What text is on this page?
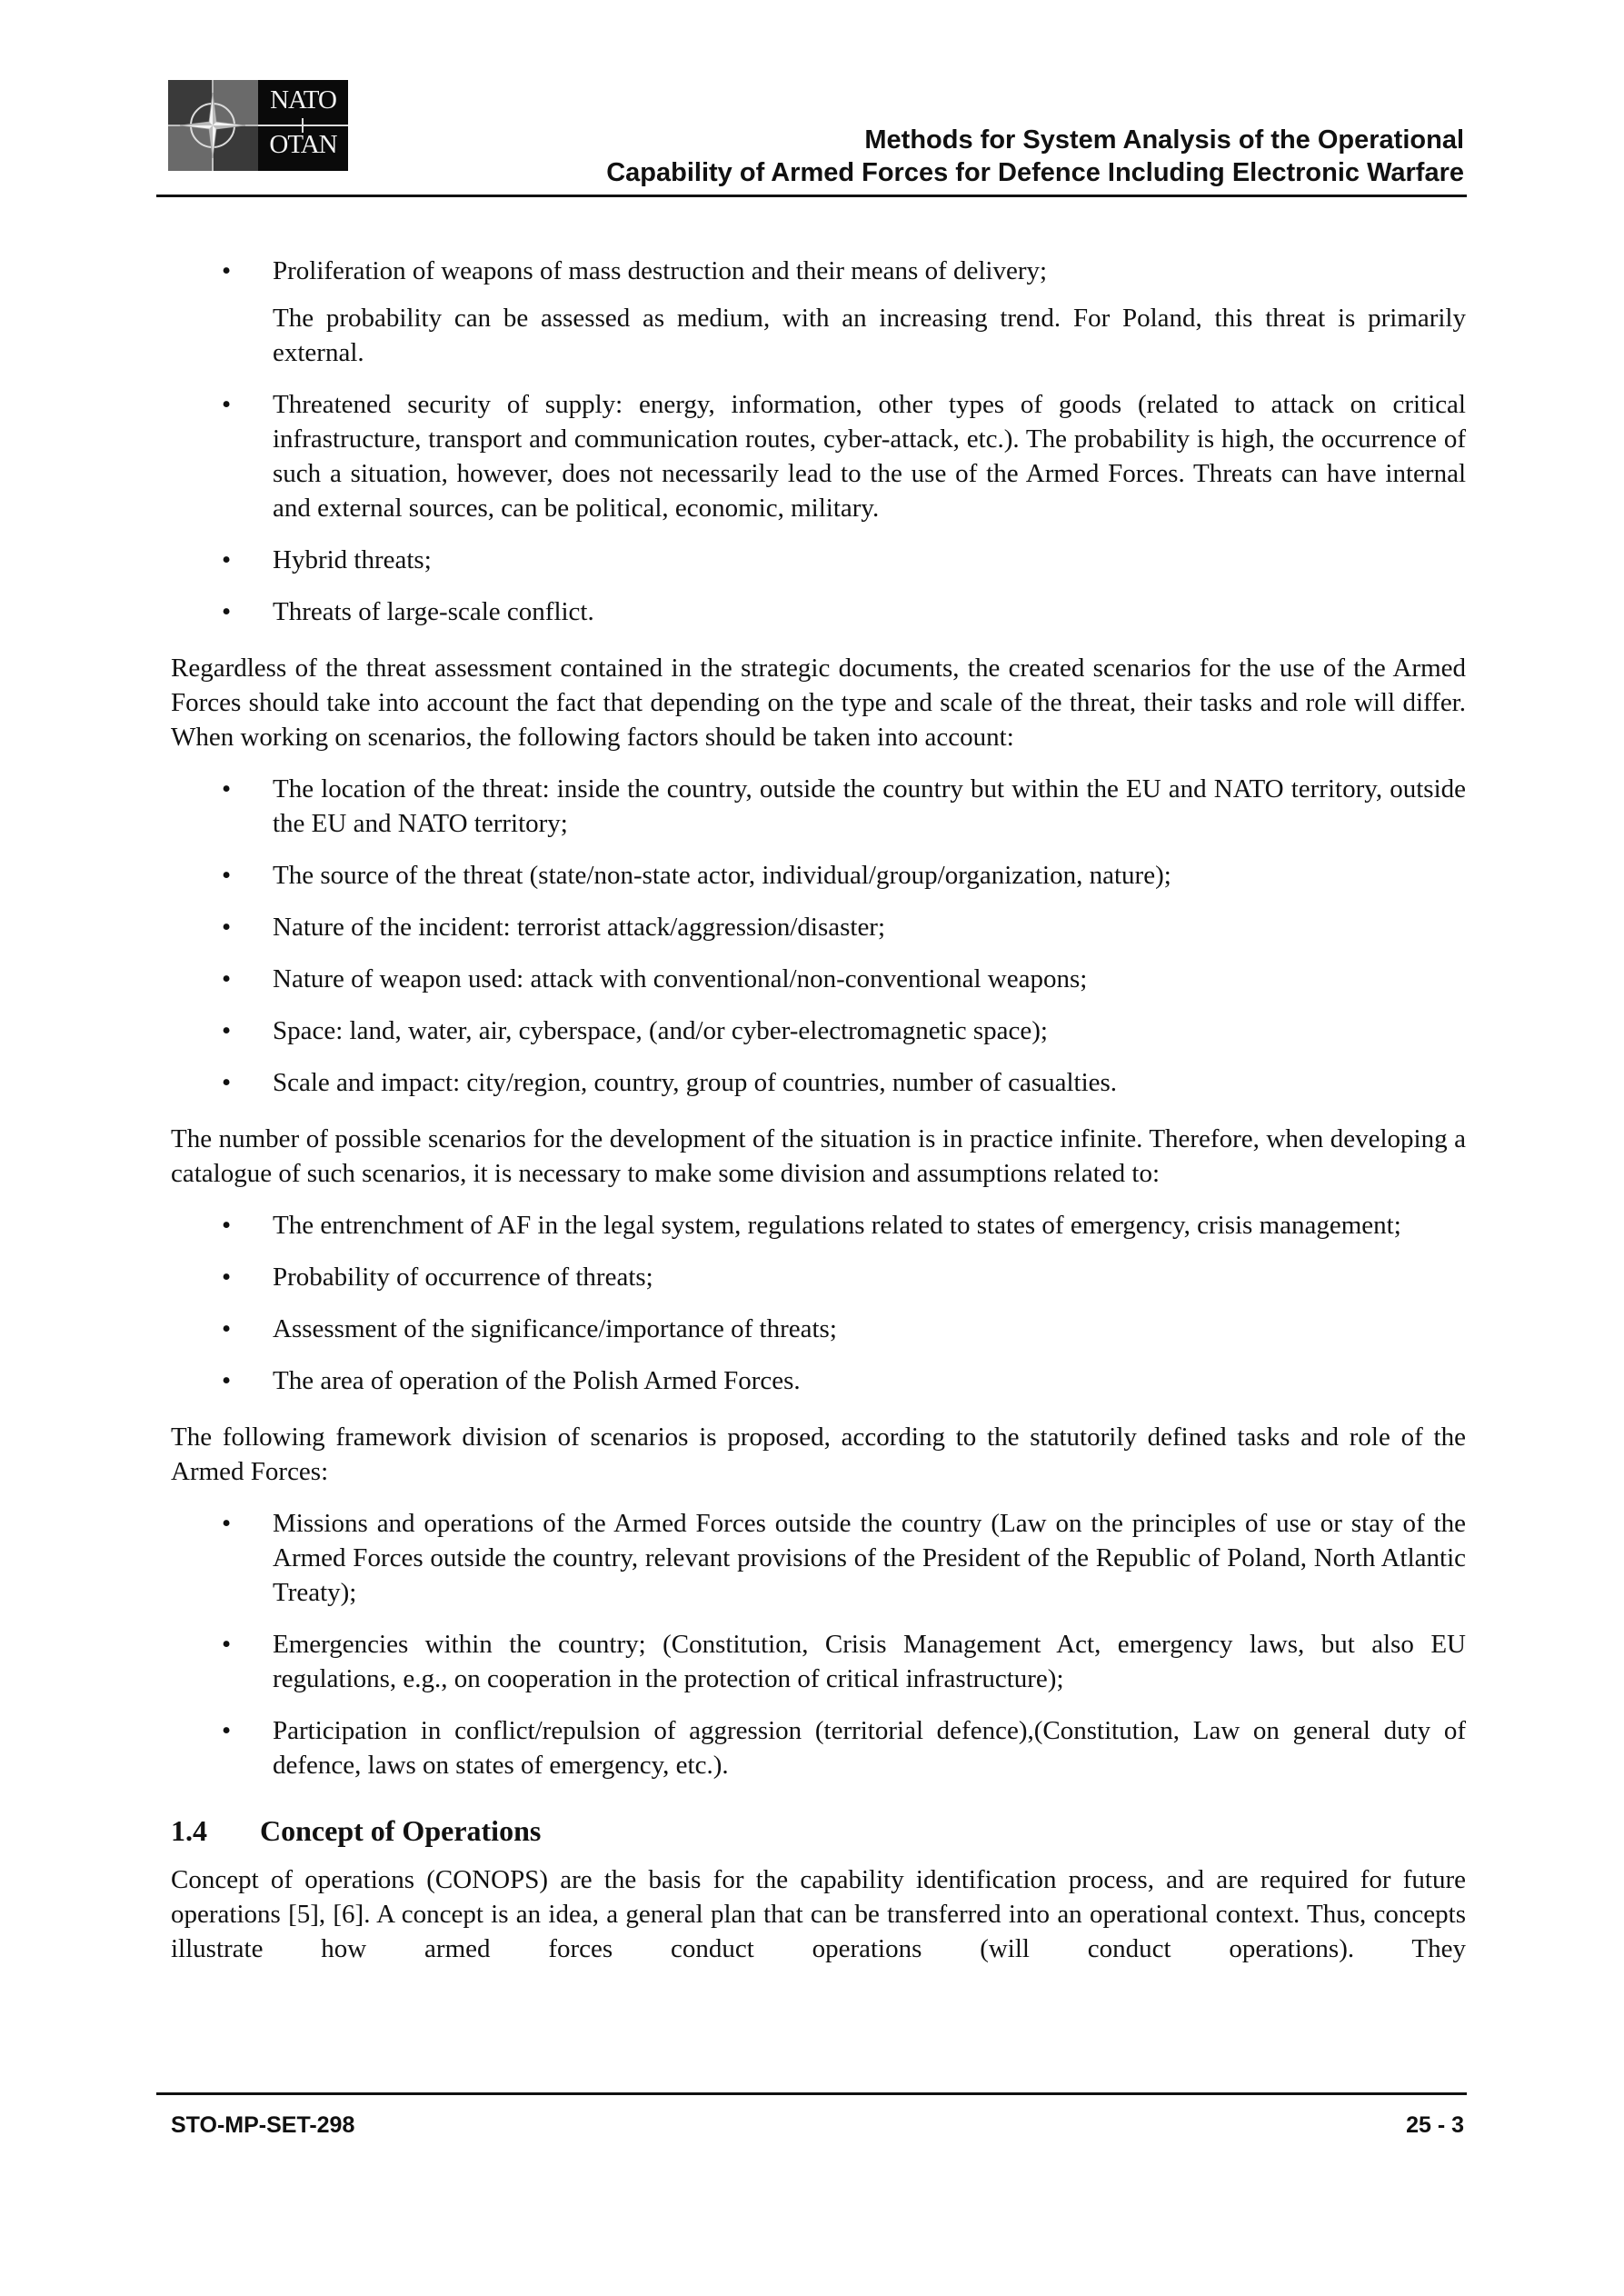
NATO
OTAN	Methods for System Analysis of the Operational
Capability of Armed Forces for Defence Including Electronic Warfare
• Proliferation of weapons of mass destruction and their means of delivery;
The probability can be assessed as medium, with an increasing trend. For Poland, this threat is primarily external.
• Threatened security of supply: energy, information, other types of goods (related to attack on critical infrastructure, transport and communication routes, cyber-attack, etc.). The probability is high, the occurrence of such a situation, however, does not necessarily lead to the use of the Armed Forces. Threats can have internal and external sources, can be political, economic, military.
• Hybrid threats;
• Threats of large-scale conflict.

Regardless of the threat assessment contained in the strategic documents, the created scenarios for the use of the Armed Forces should take into account the fact that depending on the type and scale of the threat, their tasks and role will differ. When working on scenarios, the following factors should be taken into account:

• The location of the threat: inside the country, outside the country but within the EU and NATO territory, outside the EU and NATO territory;
• The source of the threat (state/non-state actor, individual/group/organization, nature);
• Nature of the incident: terrorist attack/aggression/disaster;
• Nature of weapon used: attack with conventional/non-conventional weapons;
• Space: land, water, air, cyberspace, (and/or cyber-electromagnetic space);
• Scale and impact: city/region, country, group of countries, number of casualties.

The number of possible scenarios for the development of the situation is in practice infinite. Therefore, when developing a catalogue of such scenarios, it is necessary to make some division and assumptions related to:

• The entrenchment of AF in the legal system, regulations related to states of emergency, crisis management;
• Probability of occurrence of threats;
• Assessment of the significance/importance of threats;
• The area of operation of the Polish Armed Forces.

The following framework division of scenarios is proposed, according to the statutorily defined tasks and role of the Armed Forces:

• Missions and operations of the Armed Forces outside the country (Law on the principles of use or stay of the Armed Forces outside the country, relevant provisions of the President of the Republic of Poland, North Atlantic Treaty);
• Emergencies within the country; (Constitution, Crisis Management Act, emergency laws, but also EU regulations, e.g., on cooperation in the protection of critical infrastructure);
• Participation in conflict/repulsion of aggression (territorial defence),(Constitution, Law on general duty of defence, laws on states of emergency, etc.).
1.4	Concept of Operations

Concept of operations (CONOPS) are the basis for the capability identification process, and are required for future operations [5], [6]. A concept is an idea, a general plan that can be transferred into an operational context. Thus, concepts illustrate how armed forces conduct operations (will conduct operations). They

STO-MP-SET-298	25 - 3
